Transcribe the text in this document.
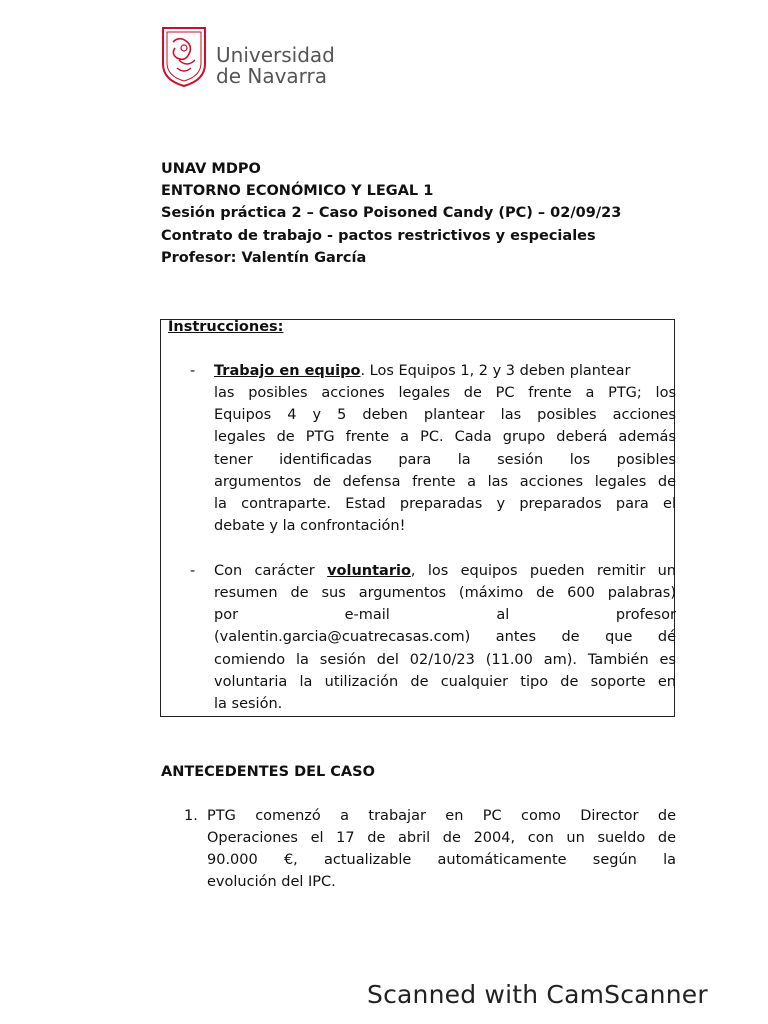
Universidad
de Navarra
UNAV MDPO
ENTORNO ECONÓMICO Y LEGAL 1
Sesión práctica 2 – Caso Poisoned Candy (PC) – 02/09/23
Contrato de trabajo - pactos restrictivos y especiales
Profesor: Valentín García
Instrucciones:
- Trabajo en equipo. Los Equipos 1, 2 y 3 deben plantear
las posibles acciones legales de PC frente a PTG; los
Equipos 4 y 5 deben plantear las posibles acciones
legales de PTG frente a PC. Cada grupo deberá además
tener identificadas para la sesión los posibles
argumentos de defensa frente a las acciones legales de
la contraparte. Estad preparadas y preparados para el
debate y la confrontación!
- Con carácter voluntario, los equipos pueden remitir un
resumen de sus argumentos (máximo de 600 palabras)
por e-mail al profesor
(valentin.garcia@cuatrecasas.com) antes de que dé
comiendo la sesión del 02/10/23 (11.00 am). También es
voluntaria la utilización de cualquier tipo de soporte en
la sesión.
ANTECEDENTES DEL CASO
1. PTG comenzó a trabajar en PC como Director de
Operaciones el 17 de abril de 2004, con un sueldo de
90.000 €, actualizable automáticamente según la
evolución del IPC.
Scanned with CamScanner
